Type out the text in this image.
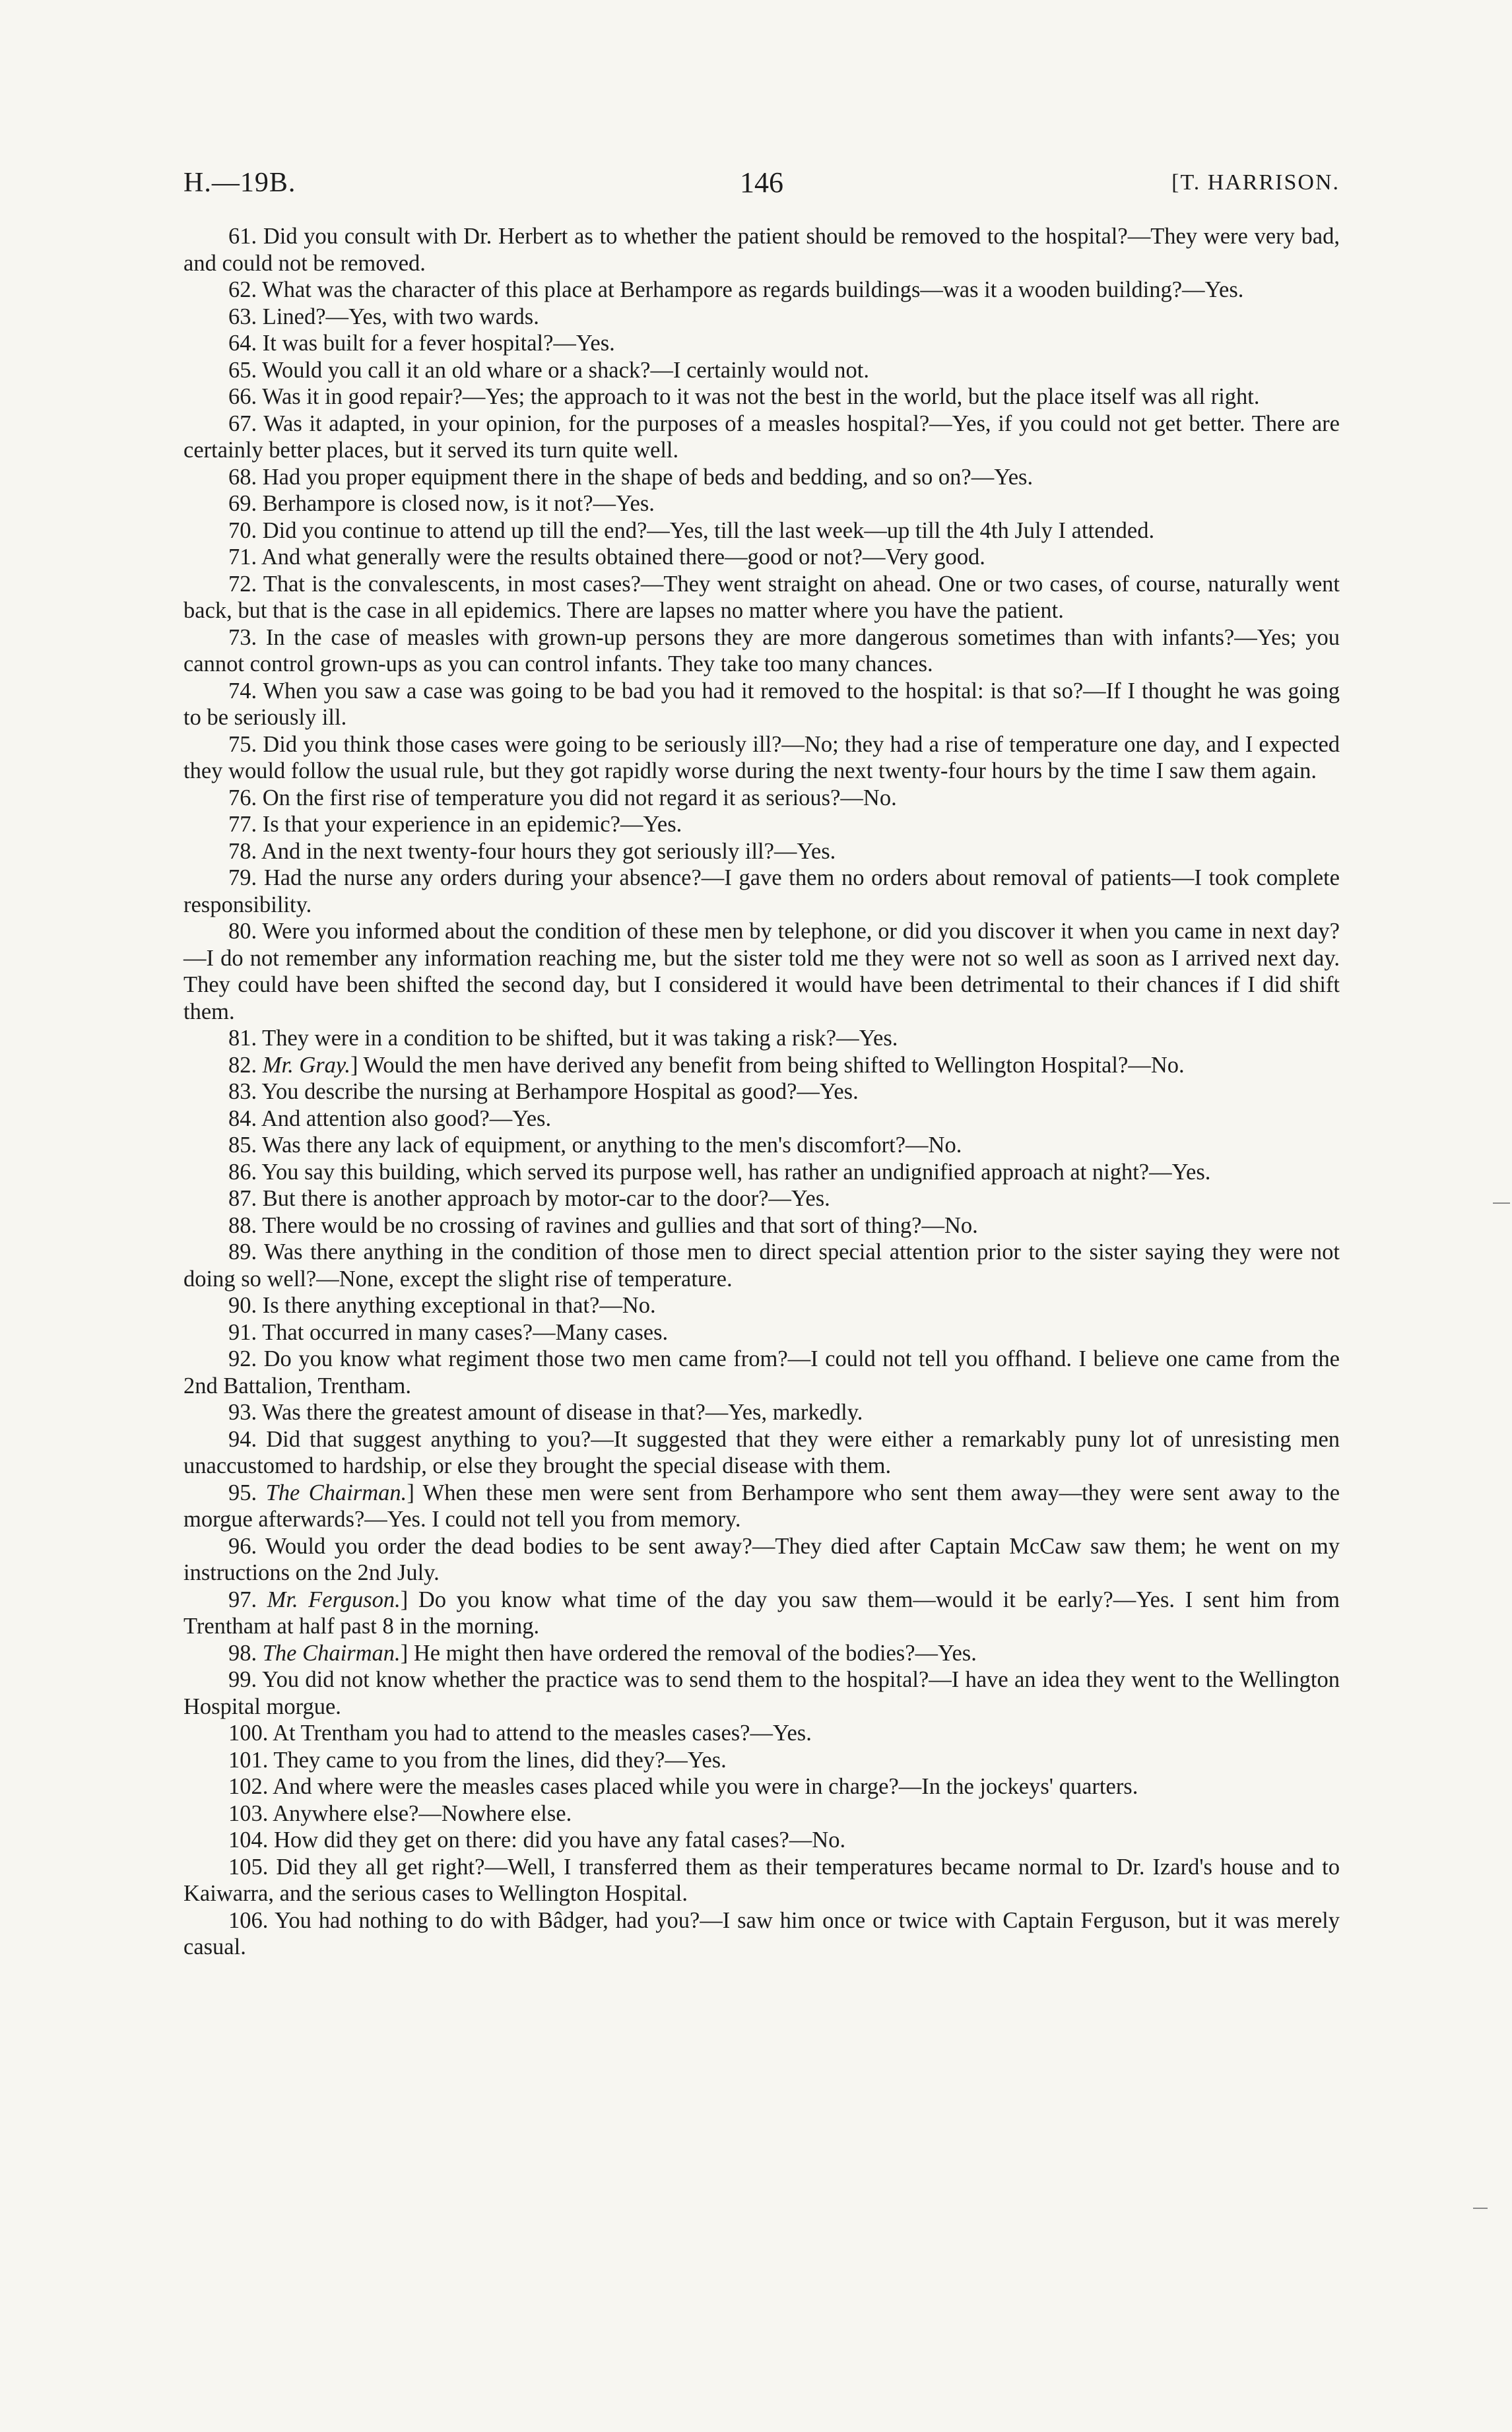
H.—19B.	146	[T. HARRISON.

61. Did you consult with Dr. Herbert as to whether the patient should be removed to the hospital?—They were very bad, and could not be removed.

62. What was the character of this place at Berhampore as regards buildings—was it a wooden building?—Yes.

63. Lined?—Yes, with two wards.

64. It was built for a fever hospital?—Yes.

65. Would you call it an old whare or a shack?—I certainly would not.

66. Was it in good repair?—Yes; the approach to it was not the best in the world, but the place itself was all right.

67. Was it adapted, in your opinion, for the purposes of a measles hospital?—Yes, if you could not get better. There are certainly better places, but it served its turn quite well.

68. Had you proper equipment there in the shape of beds and bedding, and so on?—Yes.

69. Berhampore is closed now, is it not?—Yes.

70. Did you continue to attend up till the end?—Yes, till the last week—up till the 4th July I attended.

71. And what generally were the results obtained there—good or not?—Very good.

72. That is the convalescents, in most cases?—They went straight on ahead. One or two cases, of course, naturally went back, but that is the case in all epidemics. There are lapses no matter where you have the patient.

73. In the case of measles with grown-up persons they are more dangerous sometimes than with infants?—Yes; you cannot control grown-ups as you can control infants. They take too many chances.

74. When you saw a case was going to be bad you had it removed to the hospital: is that so?—If I thought he was going to be seriously ill.

75. Did you think those cases were going to be seriously ill?—No; they had a rise of temperature one day, and I expected they would follow the usual rule, but they got rapidly worse during the next twenty-four hours by the time I saw them again.

76. On the first rise of temperature you did not regard it as serious?—No.

77. Is that your experience in an epidemic?—Yes.

78. And in the next twenty-four hours they got seriously ill?—Yes.

79. Had the nurse any orders during your absence?—I gave them no orders about removal of patients—I took complete responsibility.

80. Were you informed about the condition of these men by telephone, or did you discover it when you came in next day?—I do not remember any information reaching me, but the sister told me they were not so well as soon as I arrived next day. They could have been shifted the second day, but I considered it would have been detrimental to their chances if I did shift them.

81. They were in a condition to be shifted, but it was taking a risk?—Yes.

82. Mr. Gray.] Would the men have derived any benefit from being shifted to Wellington Hospital?—No.

83. You describe the nursing at Berhampore Hospital as good?—Yes.

84. And attention also good?—Yes.

85. Was there any lack of equipment, or anything to the men's discomfort?—No.

86. You say this building, which served its purpose well, has rather an undignified approach at night?—Yes.

87. But there is another approach by motor-car to the door?—Yes.

88. There would be no crossing of ravines and gullies and that sort of thing?—No.

89. Was there anything in the condition of those men to direct special attention prior to the sister saying they were not doing so well?—None, except the slight rise of temperature.

90. Is there anything exceptional in that?—No.

91. That occurred in many cases?—Many cases.

92. Do you know what regiment those two men came from?—I could not tell you offhand. I believe one came from the 2nd Battalion, Trentham.

93. Was there the greatest amount of disease in that?—Yes, markedly.

94. Did that suggest anything to you?—It suggested that they were either a remarkably puny lot of unresisting men unaccustomed to hardship, or else they brought the special disease with them.

95. The Chairman.] When these men were sent from Berhampore who sent them away—they were sent away to the morgue afterwards?—Yes. I could not tell you from memory.

96. Would you order the dead bodies to be sent away?—They died after Captain McCaw saw them; he went on my instructions on the 2nd July.

97. Mr. Ferguson.] Do you know what time of the day you saw them—would it be early?—Yes. I sent him from Trentham at half past 8 in the morning.

98. The Chairman.] He might then have ordered the removal of the bodies?—Yes.

99. You did not know whether the practice was to send them to the hospital?—I have an idea they went to the Wellington Hospital morgue.

100. At Trentham you had to attend to the measles cases?—Yes.

101. They came to you from the lines, did they?—Yes.

102. And where were the measles cases placed while you were in charge?—In the jockeys' quarters.

103. Anywhere else?—Nowhere else.

104. How did they get on there: did you have any fatal cases?—No.

105. Did they all get right?—Well, I transferred them as their temperatures became normal to Dr. Izard's house and to Kaiwarra, and the serious cases to Wellington Hospital.

106. You had nothing to do with Bâdger, had you?—I saw him once or twice with Captain Ferguson, but it was merely casual.
